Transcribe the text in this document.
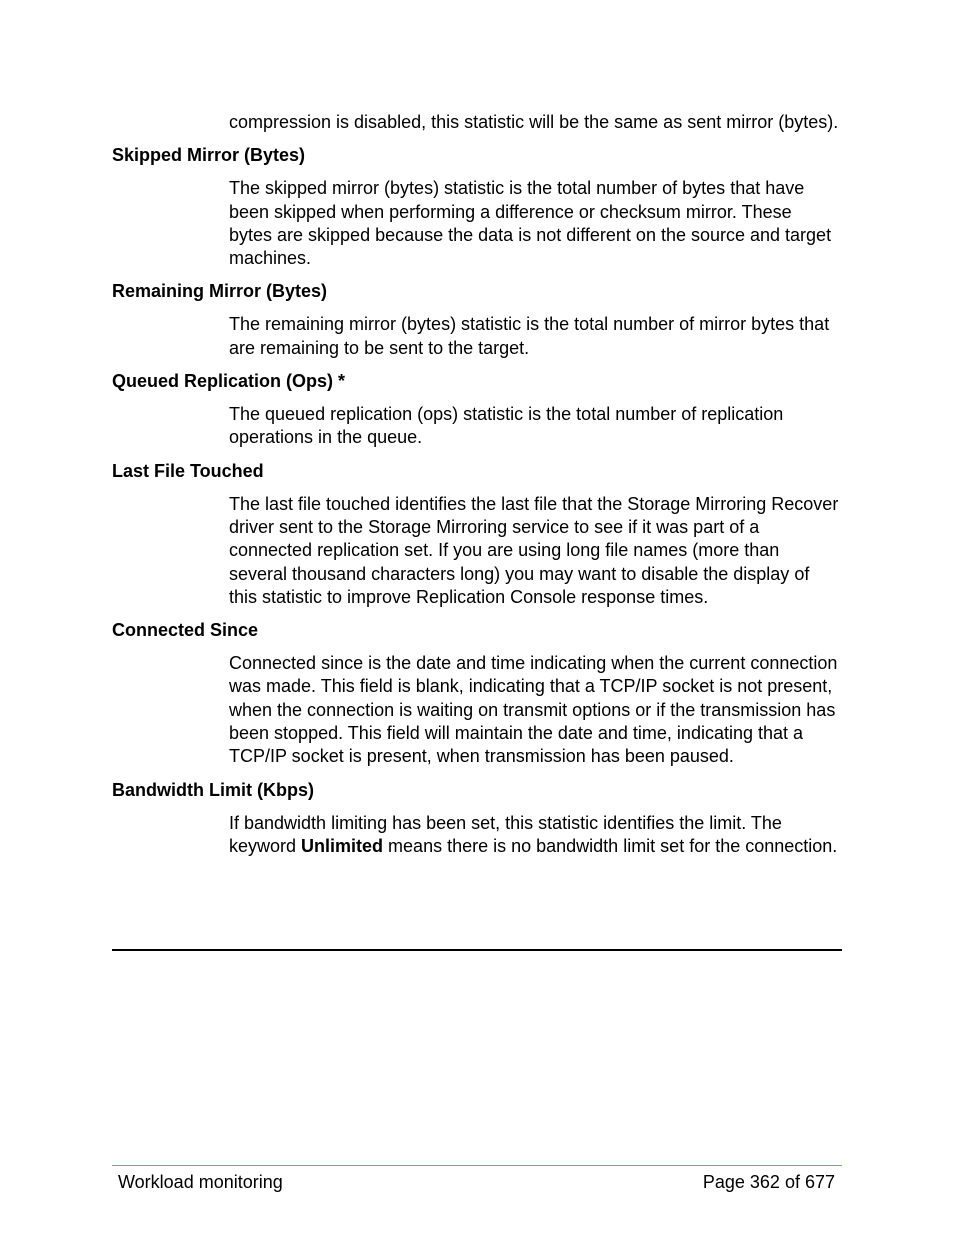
compression is disabled, this statistic will be the same as sent mirror (bytes).

Skipped Mirror (Bytes)

The skipped mirror (bytes) statistic is the total number of bytes that have been skipped when performing a difference or checksum mirror. These bytes are skipped because the data is not different on the source and target machines.

Remaining Mirror (Bytes)

The remaining mirror (bytes) statistic is the total number of mirror bytes that are remaining to be sent to the target.

Queued Replication (Ops) *

The queued replication (ops) statistic is the total number of replication operations in the queue.

Last File Touched

The last file touched identifies the last file that the Storage Mirroring Recover driver sent to the Storage Mirroring service to see if it was part of a connected replication set. If you are using long file names (more than several thousand characters long) you may want to disable the display of this statistic to improve Replication Console response times.

Connected Since

Connected since is the date and time indicating when the current connection was made. This field is blank, indicating that a TCP/IP socket is not present, when the connection is waiting on transmit options or if the transmission has been stopped. This field will maintain the date and time, indicating that a TCP/IP socket is present, when transmission has been paused.

Bandwidth Limit (Kbps)

If bandwidth limiting has been set, this statistic identifies the limit. The keyword Unlimited means there is no bandwidth limit set for the connection.

Workload monitoring	Page 362 of 677
